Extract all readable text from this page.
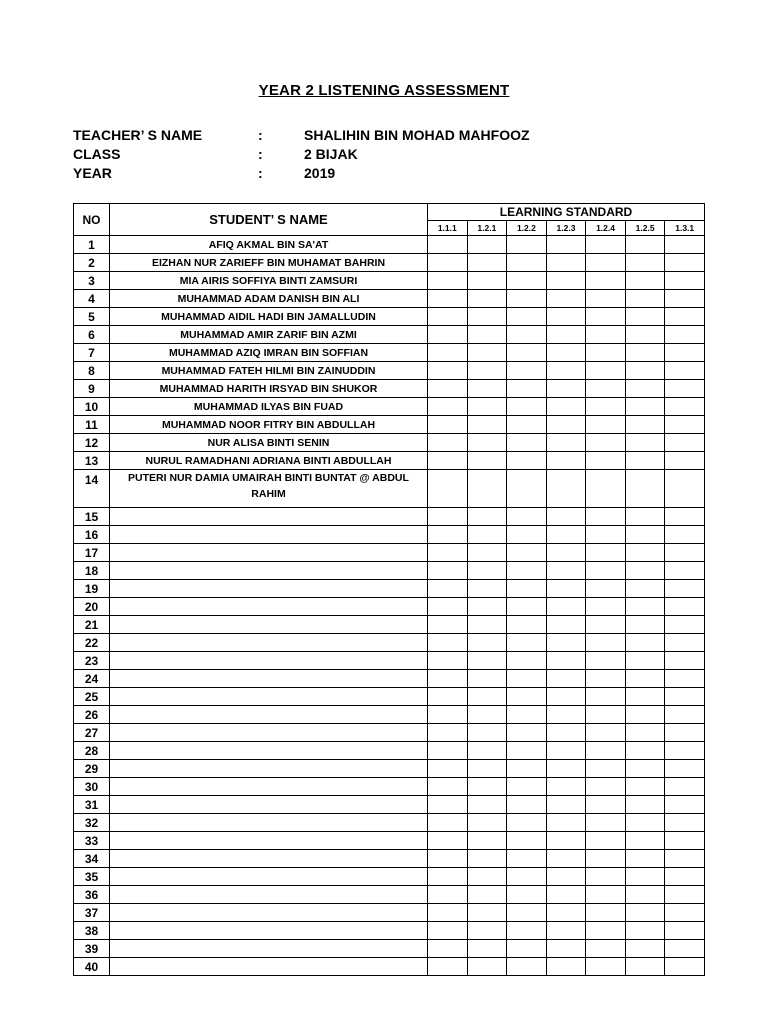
YEAR 2 LISTENING ASSESSMENT
TEACHER’ S NAME	:	SHALIHIN BIN MOHAD MAHFOOZ
CLASS	:	2 BIJAK
YEAR	:	2019
NO	STUDENT’ S NAME	LEARNING STANDARD						
		1.1.1	1.2.1	1.2.2	1.2.3	1.2.4	1.2.5	1.3.1
1	AFIQ AKMAL BIN SA'AT							
2	EIZHAN NUR ZARIEFF BIN MUHAMAT BAHRIN							
3	MIA AIRIS SOFFIYA BINTI ZAMSURI							
4	MUHAMMAD ADAM DANISH BIN ALI							
5	MUHAMMAD AIDIL HADI BIN JAMALLUDIN							
6	MUHAMMAD AMIR ZARIF BIN AZMI							
7	MUHAMMAD AZIQ IMRAN BIN SOFFIAN							
8	MUHAMMAD FATEH HILMI BIN ZAINUDDIN							
9	MUHAMMAD HARITH IRSYAD BIN SHUKOR							
10	MUHAMMAD ILYAS BIN FUAD							
11	MUHAMMAD NOOR FITRY BIN ABDULLAH							
12	NUR ALISA BINTI SENIN							
13	NURUL RAMADHANI ADRIANA BINTI ABDULLAH							
14	PUTERI NUR DAMIA UMAIRAH BINTI BUNTAT @ ABDUL RAHIM							
15								
16								
17								
18								
19								
20								
21								
22								
23								
24								
25								
26								
27								
28								
29								
30								
31								
32								
33								
34								
35								
36								
37								
38								
39								
40								
